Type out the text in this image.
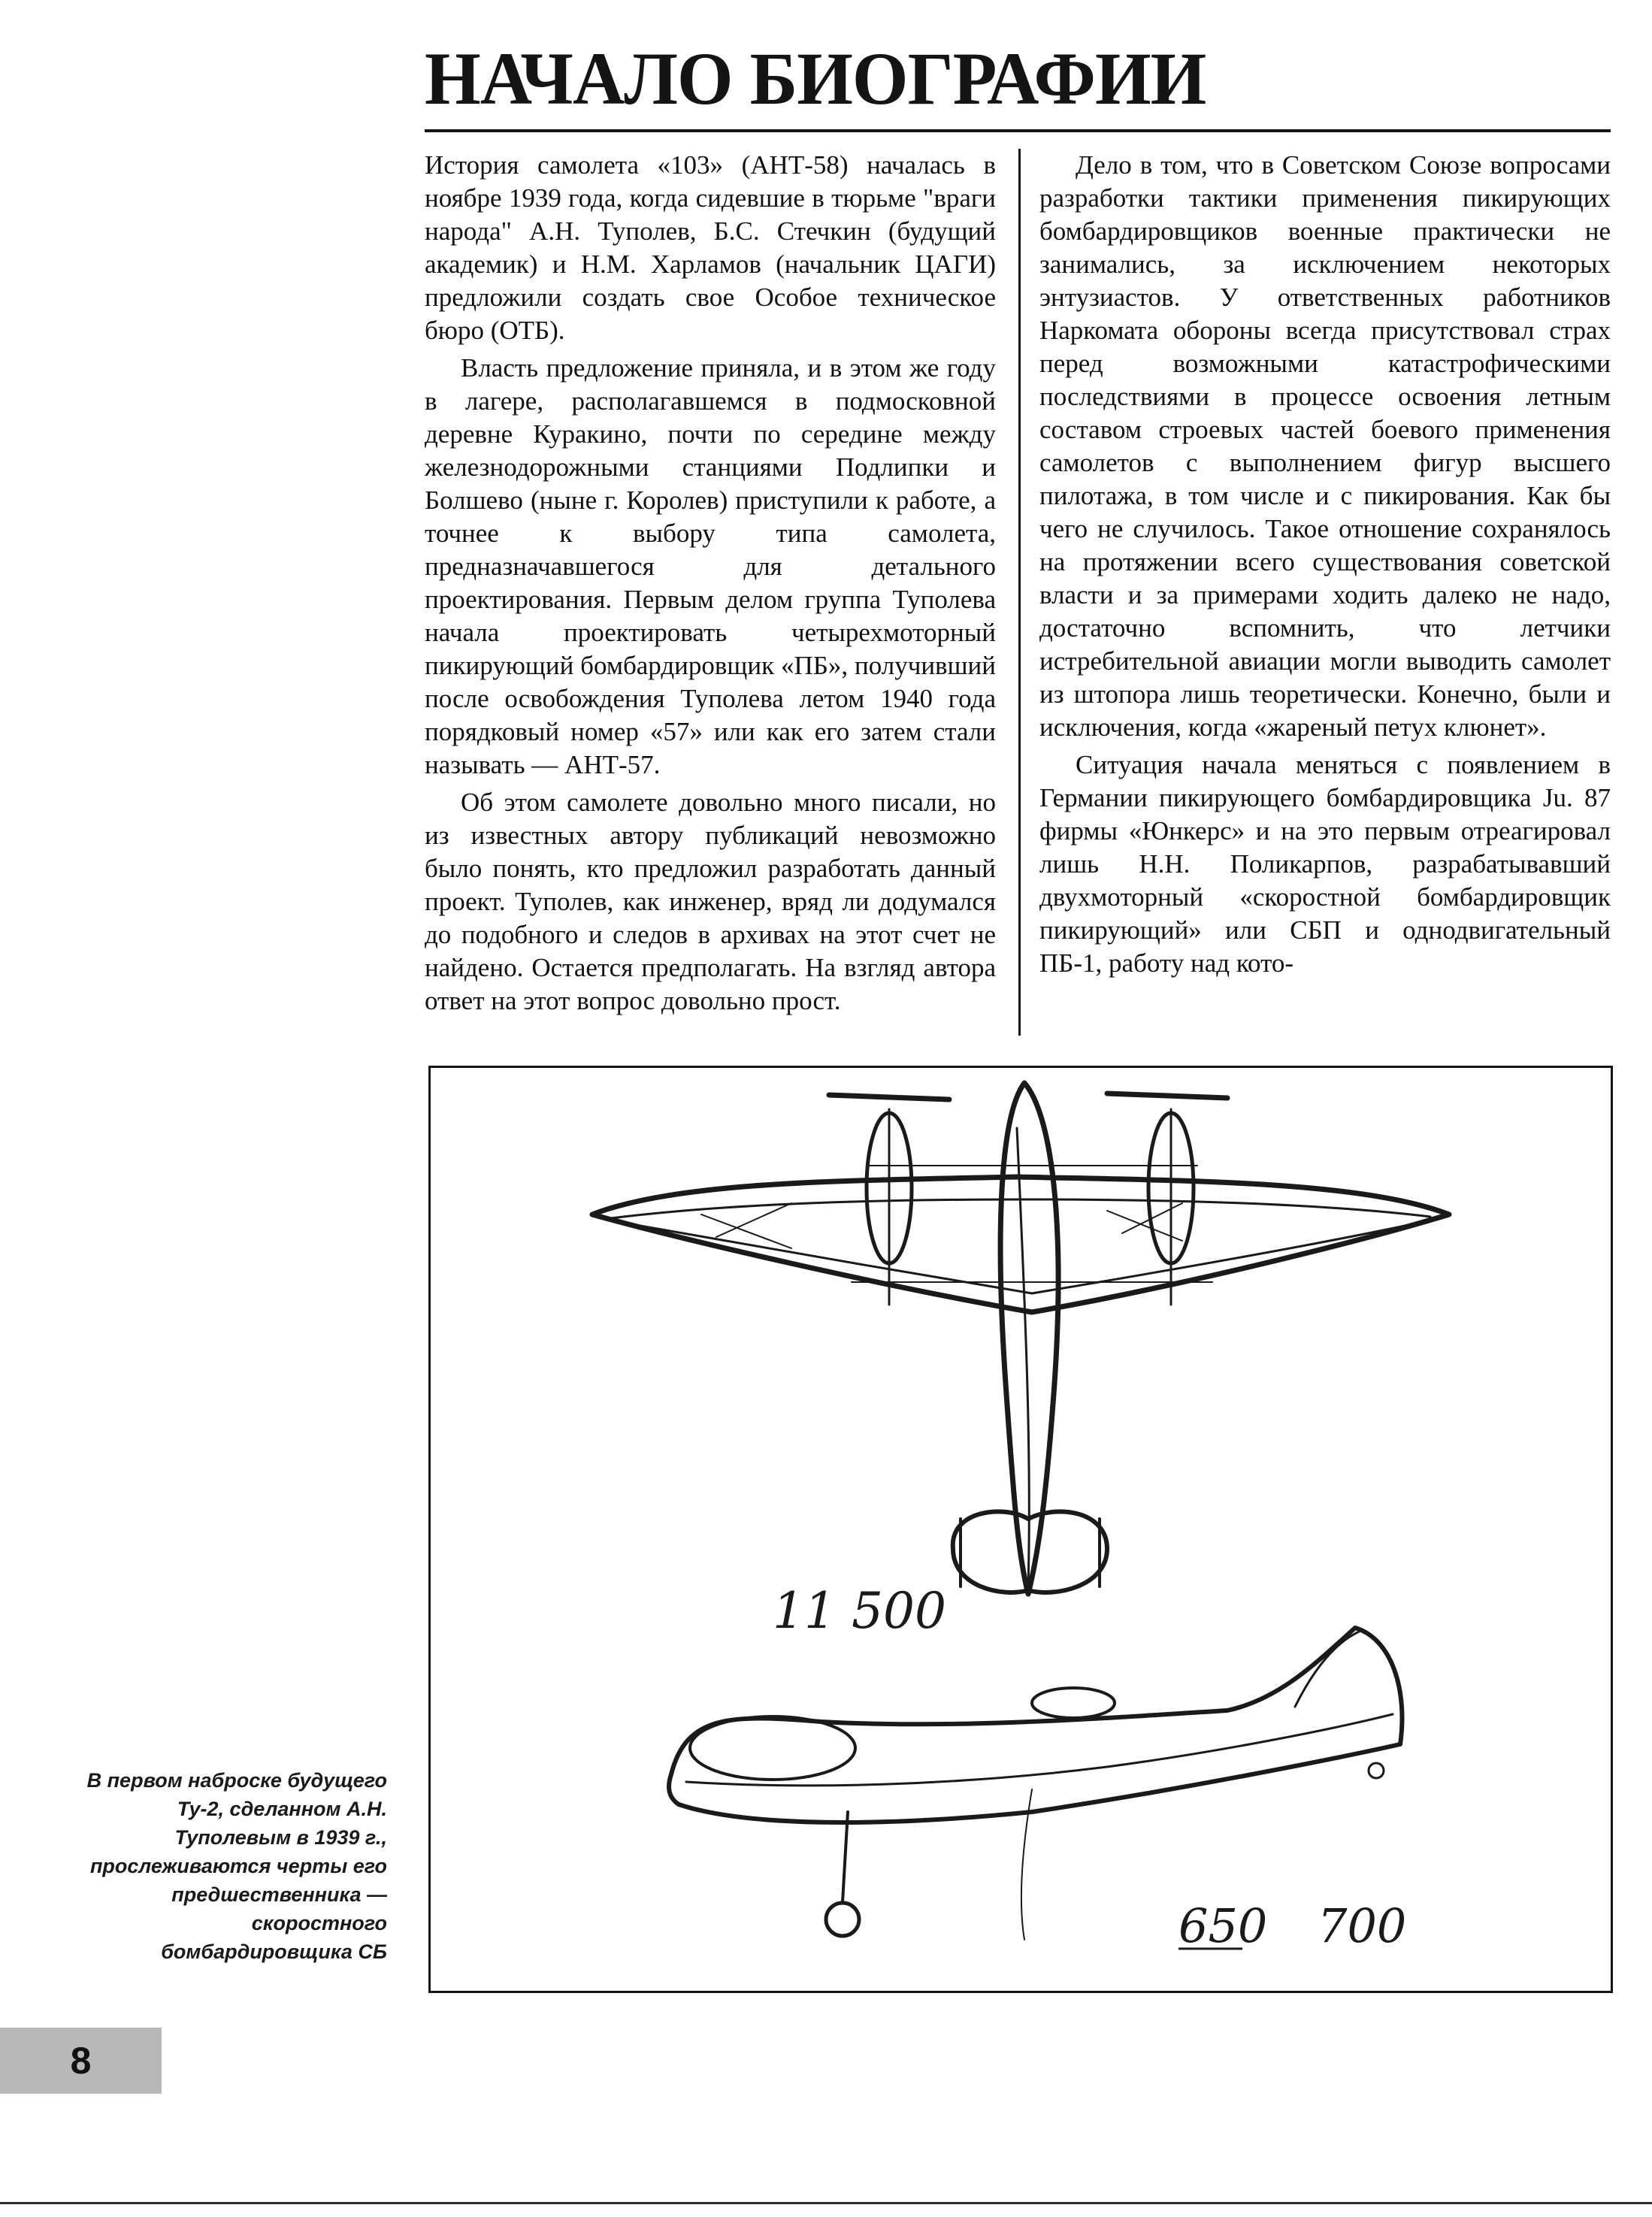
НАЧАЛО БИОГРАФИИ

История самолета «103» (АНТ-58) началась в ноябре 1939 года, когда сидевшие в тюрьме "враги народа" А.Н. Туполев, Б.С. Стечкин (будущий академик) и Н.М. Харламов (начальник ЦАГИ) предложили создать свое Особое техническое бюро (ОТБ).

Власть предложение приняла, и в этом же году в лагере, располагавшемся в подмосковной деревне Куракино, почти по середине между железнодорожными станциями Подлипки и Болшево (ныне г. Королев) приступили к работе, а точнее к выбору типа самолета, предназначавшегося для детального проектирования. Первым делом группа Туполева начала проектировать четырехмоторный пикирующий бомбардировщик «ПБ», получивший после освобождения Туполева летом 1940 года порядковый номер «57» или как его затем стали называть — АНТ-57.

Об этом самолете довольно много писали, но из известных автору публикаций невозможно было понять, кто предложил разработать данный проект. Туполев, как инженер, вряд ли додумался до подобного и следов в архивах на этот счет не найдено. Остается предполагать. На взгляд автора ответ на этот вопрос довольно прост.

Дело в том, что в Советском Союзе вопросами разработки тактики применения пикирующих бомбардировщиков военные практически не занимались, за исключением некоторых энтузиастов. У ответственных работников Наркомата обороны всегда присутствовал страх перед возможными катастрофическими последствиями в процессе освоения летным составом строевых частей боевого применения самолетов с выполнением фигур высшего пилотажа, в том числе и с пикирования. Как бы чего не случилось. Такое отношение сохранялось на протяжении всего существования советской власти и за примерами ходить далеко не надо, достаточно вспомнить, что летчики истребительной авиации могли выводить самолет из штопора лишь теоретически. Конечно, были и исключения, когда «жареный петух клюнет».

Ситуация начала меняться с появлением в Германии пикирующего бомбардировщика Ju. 87 фирмы «Юнкерс» и на это первым отреагировал лишь Н.Н. Поликарпов, разрабатывавший двухмоторный «скоростной бомбардировщик пикирующий» или СБП и однодвигательный ПБ-1, работу над кото-

11 500
650 700
В первом наброске будущего Ту-2, сделанном А.Н. Туполевым в 1939 г., прослеживаются черты его предшественника — скоростного бомбардировщика СБ
8
